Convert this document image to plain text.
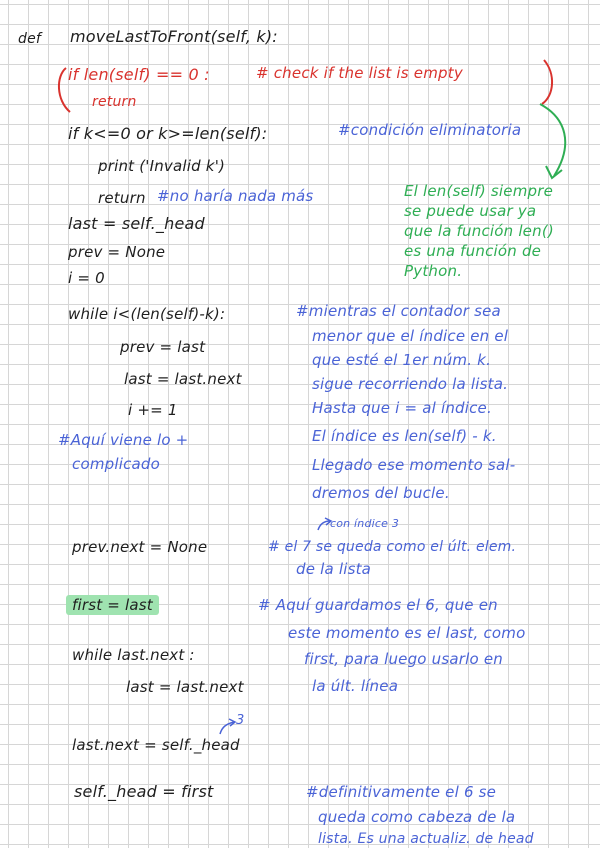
def moveLastToFront(self, k):
if len(self) == 0 :	# check if the list is empty
return
if k<=0 or k>=len(self):	#condición eliminatoria
print ('Invalid k')
return #no haría nada más	El len(self) siempre
se puede usar ya
que la función len()
es una función de
Python.
last = self._head
prev = None
i = 0
while i<(len(self)-k):	#mientras el contador sea
menor que el índice en el
que esté el 1er núm. k.
sigue recorriendo la lista.
Hasta que i = al índice.
El índice es len(self) - k.
Llegado ese momento sal-
dremos del bucle.
prev = last
last = last.next
i += 1
#Aquí viene lo +
complicado
con índice 3
prev.next = None	# el 7 se queda como el últ. elem.
de la lista
first = last	# Aquí guardamos el 6, que en
este momento es el last, como
first, para luego usarlo en
la últ. línea
while last.next :
last = last.next
3
last.next = self._head
self._head = first	#definitivamente el 6 se
queda como cabeza de la
lista. Es una actualiz. de head
